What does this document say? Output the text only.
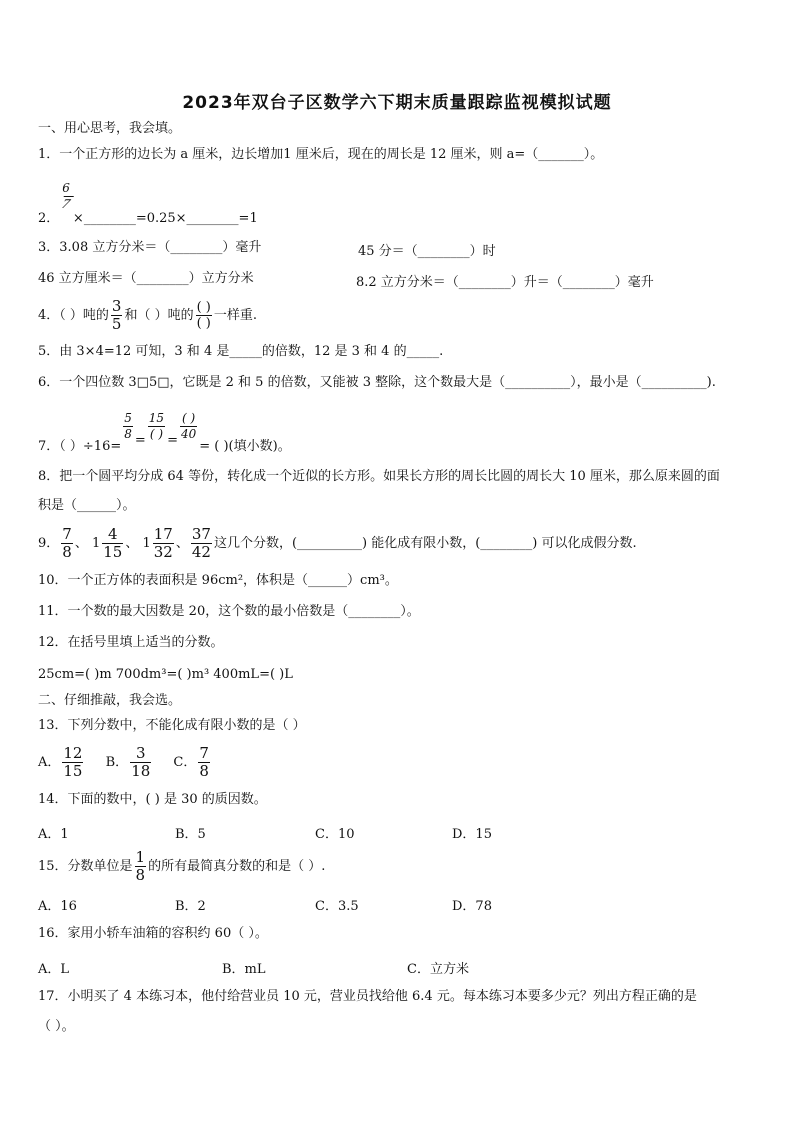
2023年双台子区数学六下期末质量跟踪监视模拟试题
一、用心思考，我会填。
1．一个正方形的边长为 a 厘米，边长增加1 厘米后，现在的周长是 12 厘米，则 a=（_______）。
2．
$\frac{6}{7}$
×________=0.25×________=1
3．3.08 立方分米＝（________）毫升	45 分＝（________）时
46 立方厘米＝（________）立方分米	8.2 立方分米＝（________）升＝（________）毫升
4．（ ）吨的 $\frac{3}{5}$ 和（ ）吨的
( )
( )
一样重.
5．由 3×4=12 可知，3 和 4 是_____的倍数，12 是 3 和 4 的_____.
6．一个四位数 3□5□，它既是 2 和 5 的倍数，又能被 3 整除，这个数最大是（__________），最小是（__________).
7．（ ）÷16=
$\frac{5}{8}$ =
15
( ) =
( )
40
= ( )(填小数)。
8．把一个圆平均分成 64 等份，转化成一个近似的长方形。如果长方形的周长比圆的周长大 10 厘米，那么原来圆的面
积是（______）。
9． $\frac{7}{8}$ 、 $1 \frac{4}{15}$ 、 $1 \frac{17}{32}$ 、 $\frac{37}{42}$ 这几个分数，(__________) 能化成有限小数，(________) 可以化成假分数.
10．一个正方体的表面积是 96cm²，体积是（______）cm³。
11．一个数的最大因数是 20，这个数的最小倍数是（________）。
12．在括号里填上适当的分数。
25cm=( )m 700dm³=( )m³ 400mL=( )L
二、仔细推敲，我会选。
13．下列分数中，不能化成有限小数的是（ ）
A． $\frac{12}{15}$ B． $\frac{3}{18}$ C． $\frac{7}{8}$
14．下面的数中，( ) 是 30 的质因数。
A．1	B．5	C．10	D．15
15．分数单位是 $\frac{1}{8}$ 的所有最简真分数的和是（ ）.
A．16	B．2	C．3.5	D．78
16．家用小轿车油箱的容积约 60（ ）。
A．L	B．mL	C．立方米
17．小明买了 4 本练习本，他付给营业员 10 元，营业员找给他 6.4 元。每本练习本要多少元？列出方程正确的是
（ ）。
